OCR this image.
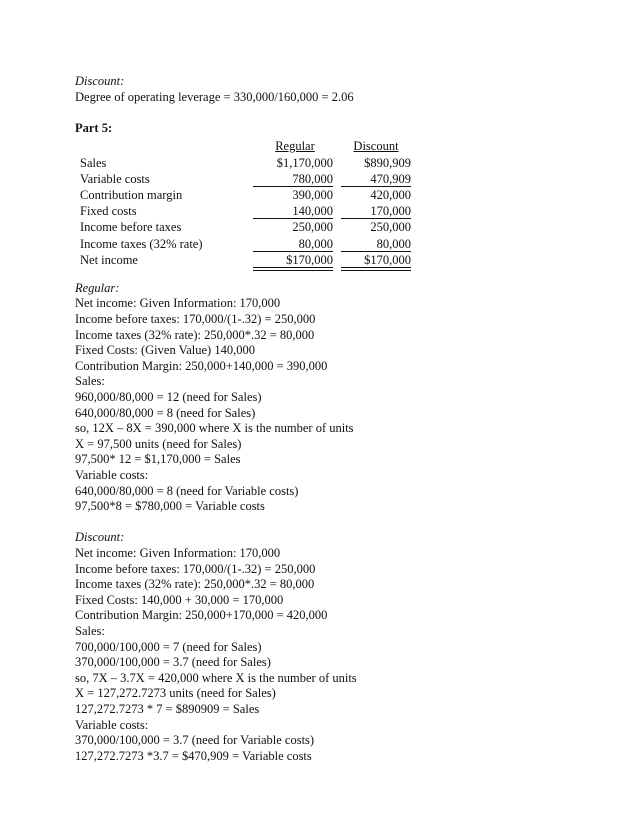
Discount:
Degree of operating leverage = 330,000/160,000 = 2.06
Part 5:
Regular	Discount
Sales	$1,170,000	$890,909
Variable costs	780,000	470,909
Contribution margin	390,000	420,000
Fixed costs	140,000	170,000
Income before taxes	250,000	250,000
Income taxes (32% rate)	80,000	80,000
Net income	$170,000	$170,000
Regular:
Net income: Given Information: 170,000
Income before taxes: 170,000/(1-.32) = 250,000
Income taxes (32% rate): 250,000*.32 = 80,000
Fixed Costs: (Given Value) 140,000
Contribution Margin: 250,000+140,000 = 390,000
Sales:
960,000/80,000 = 12 (need for Sales)
640,000/80,000 = 8 (need for Sales)
so, 12X – 8X = 390,000 where X is the number of units
X = 97,500 units (need for Sales)
97,500* 12 = $1,170,000 = Sales
Variable costs:
640,000/80,000 = 8 (need for Variable costs)
97,500*8 = $780,000 = Variable costs
Discount:
Net income: Given Information: 170,000
Income before taxes: 170,000/(1-.32) = 250,000
Income taxes (32% rate): 250,000*.32 = 80,000
Fixed Costs: 140,000 + 30,000 = 170,000
Contribution Margin: 250,000+170,000 = 420,000
Sales:
700,000/100,000 = 7 (need for Sales)
370,000/100,000 = 3.7 (need for Sales)
so, 7X – 3.7X = 420,000 where X is the number of units
X = 127,272.7273 units (need for Sales)
127,272.7273 * 7 = $890909 = Sales
Variable costs:
370,000/100,000 = 3.7 (need for Variable costs)
127,272.7273 *3.7 = $470,909 = Variable costs
